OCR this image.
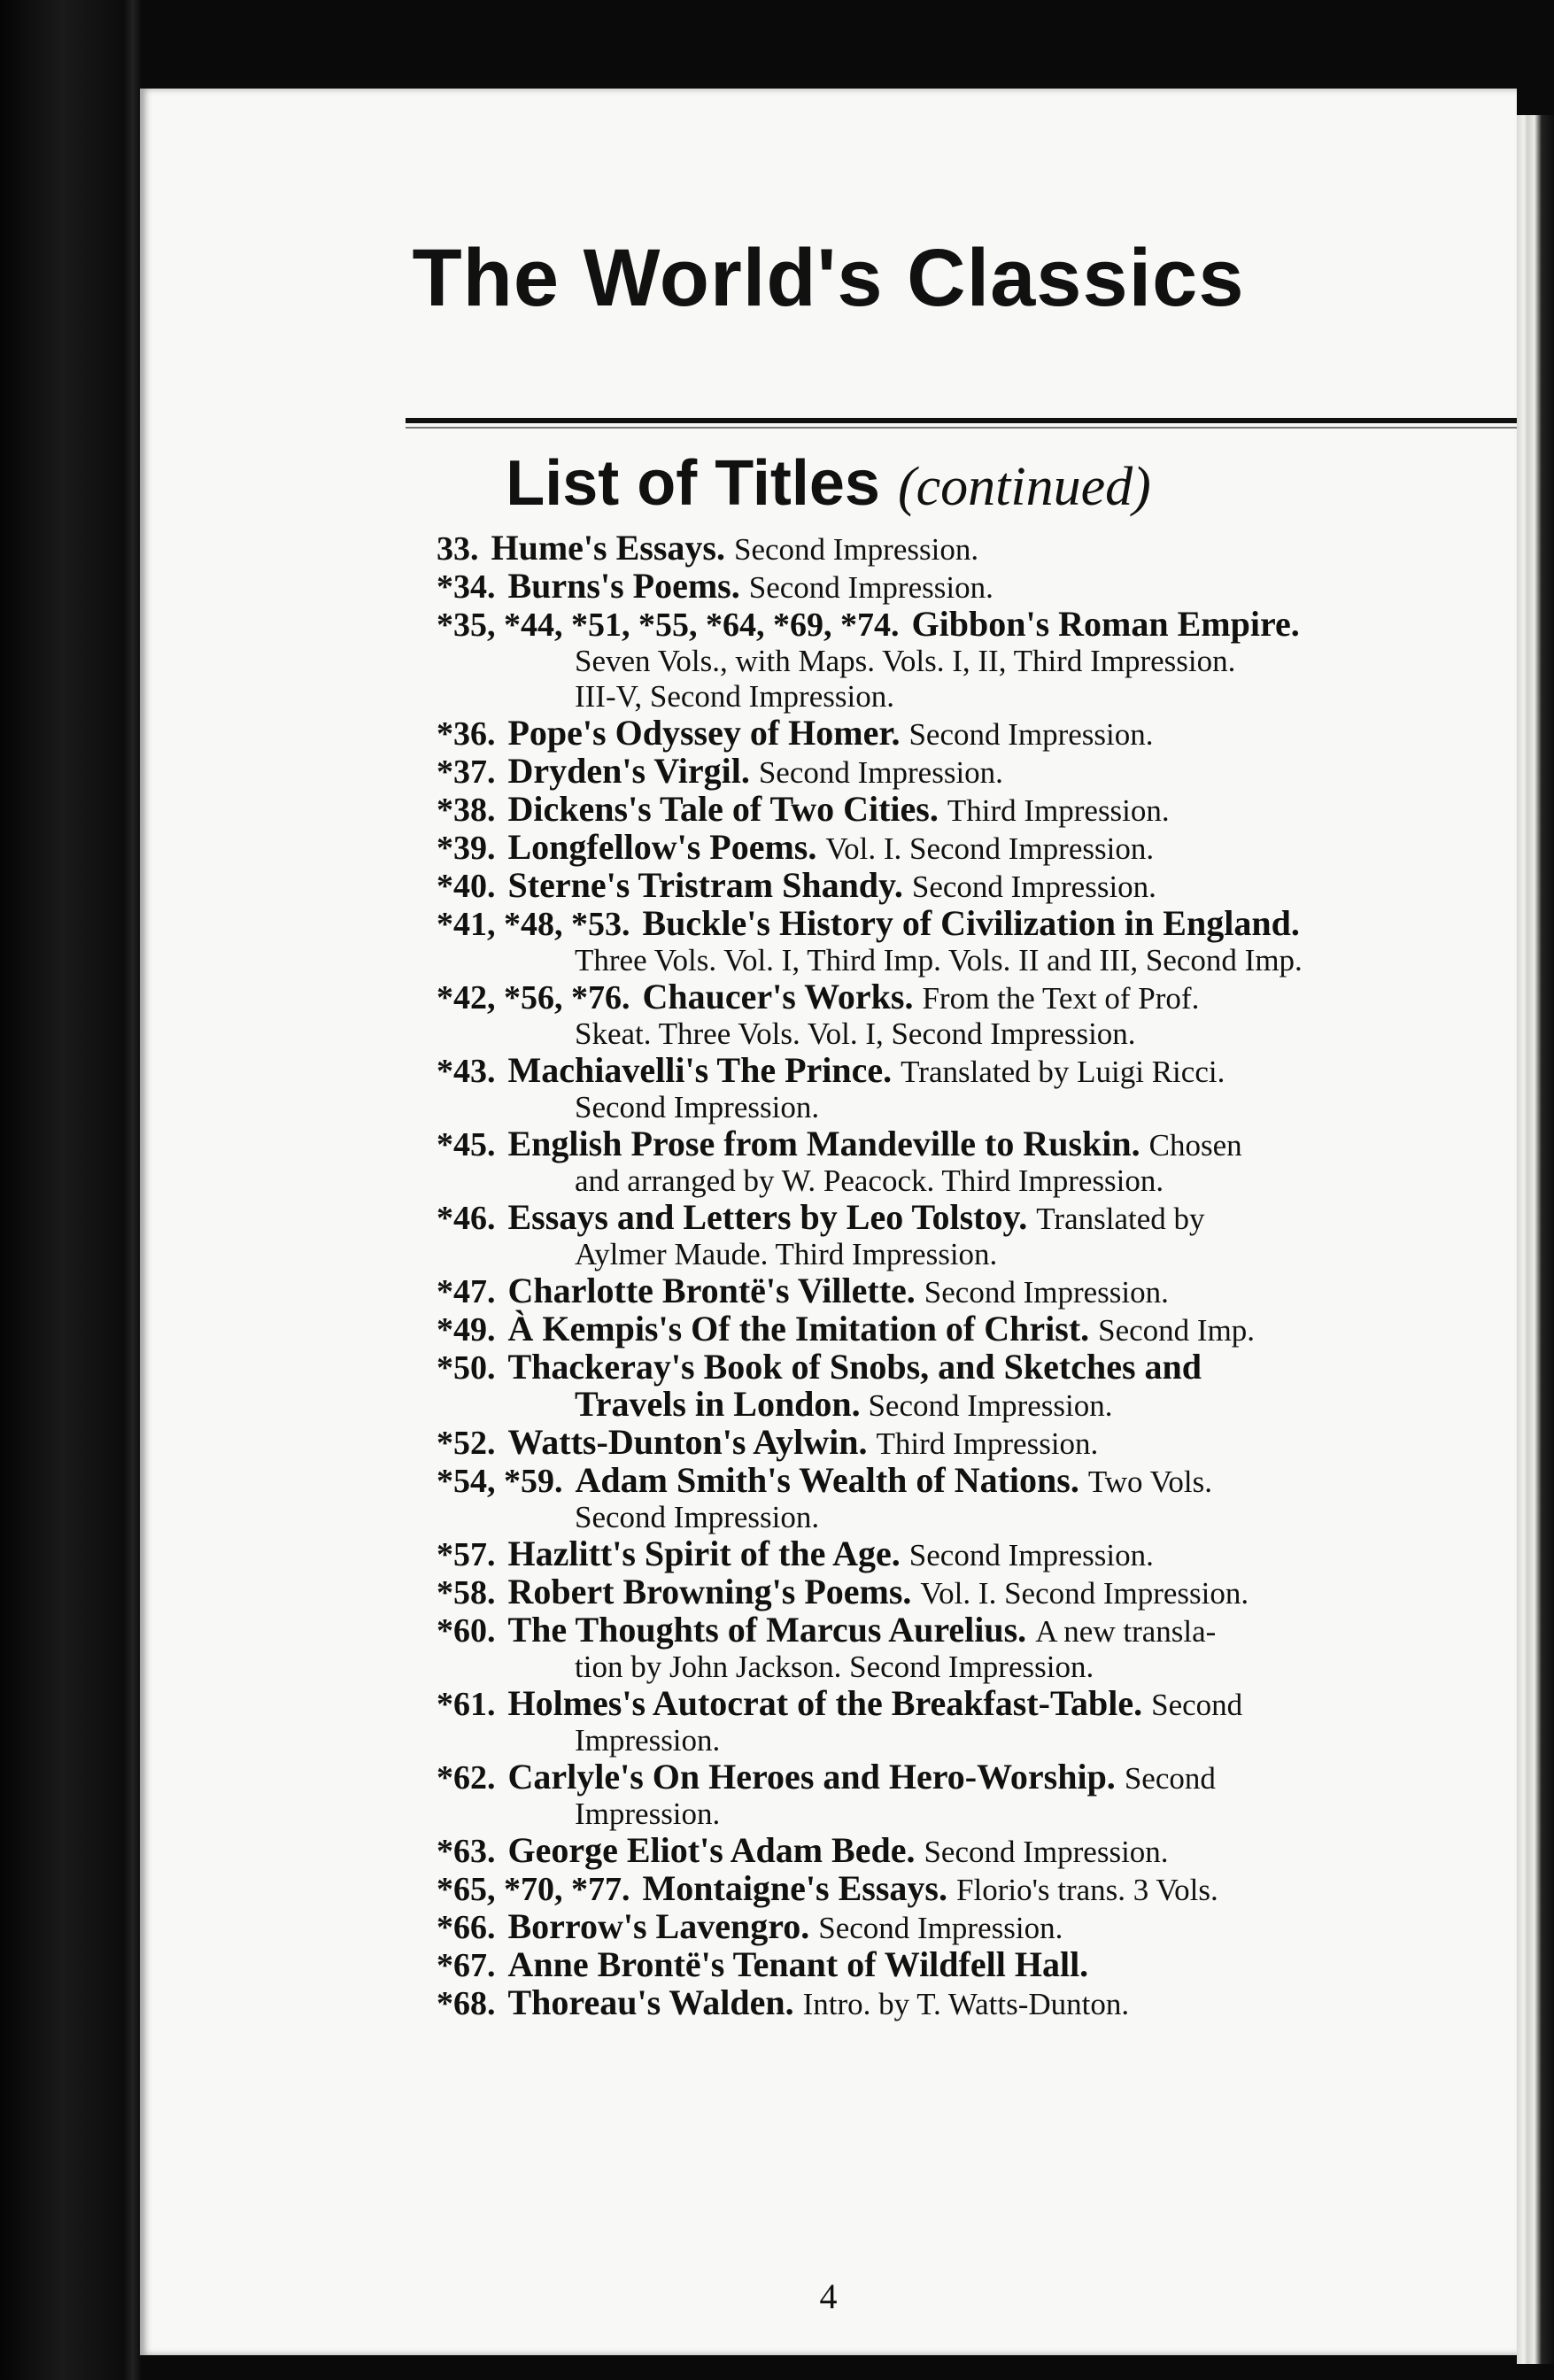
The World's Classics
List of Titles (continued)
33. Hume's Essays. Second Impression.
*34. Burns's Poems. Second Impression.
*35, *44, *51, *55, *64, *69, *74. Gibbon's Roman Empire.
Seven Vols., with Maps. Vols. I, II, Third Impression.
III-V, Second Impression.
*36. Pope's Odyssey of Homer. Second Impression.
*37. Dryden's Virgil. Second Impression.
*38. Dickens's Tale of Two Cities. Third Impression.
*39. Longfellow's Poems. Vol. I. Second Impression.
*40. Sterne's Tristram Shandy. Second Impression.
*41, *48, *53. Buckle's History of Civilization in England.
Three Vols. Vol. I, Third Imp. Vols. II and III, Second Imp.
*42, *56, *76. Chaucer's Works. From the Text of Prof.
Skeat. Three Vols. Vol. I, Second Impression.
*43. Machiavelli's The Prince. Translated by Luigi Ricci.
Second Impression.
*45. English Prose from Mandeville to Ruskin. Chosen
and arranged by W. Peacock. Third Impression.
*46. Essays and Letters by Leo Tolstoy. Translated by
Aylmer Maude. Third Impression.
*47. Charlotte Brontë's Villette. Second Impression.
*49. À Kempis's Of the Imitation of Christ. Second Imp.
*50. Thackeray's Book of Snobs, and Sketches and
Travels in London. Second Impression.
*52. Watts-Dunton's Aylwin. Third Impression.
*54, *59. Adam Smith's Wealth of Nations. Two Vols.
Second Impression.
*57. Hazlitt's Spirit of the Age. Second Impression.
*58. Robert Browning's Poems. Vol. I. Second Impression.
*60. The Thoughts of Marcus Aurelius. A new transla-
tion by John Jackson. Second Impression.
*61. Holmes's Autocrat of the Breakfast-Table. Second
Impression.
*62. Carlyle's On Heroes and Hero-Worship. Second
Impression.
*63. George Eliot's Adam Bede. Second Impression.
*65, *70, *77. Montaigne's Essays. Florio's trans. 3 Vols.
*66. Borrow's Lavengro. Second Impression.
*67. Anne Brontë's Tenant of Wildfell Hall.
*68. Thoreau's Walden. Intro. by T. Watts-Dunton.
4
